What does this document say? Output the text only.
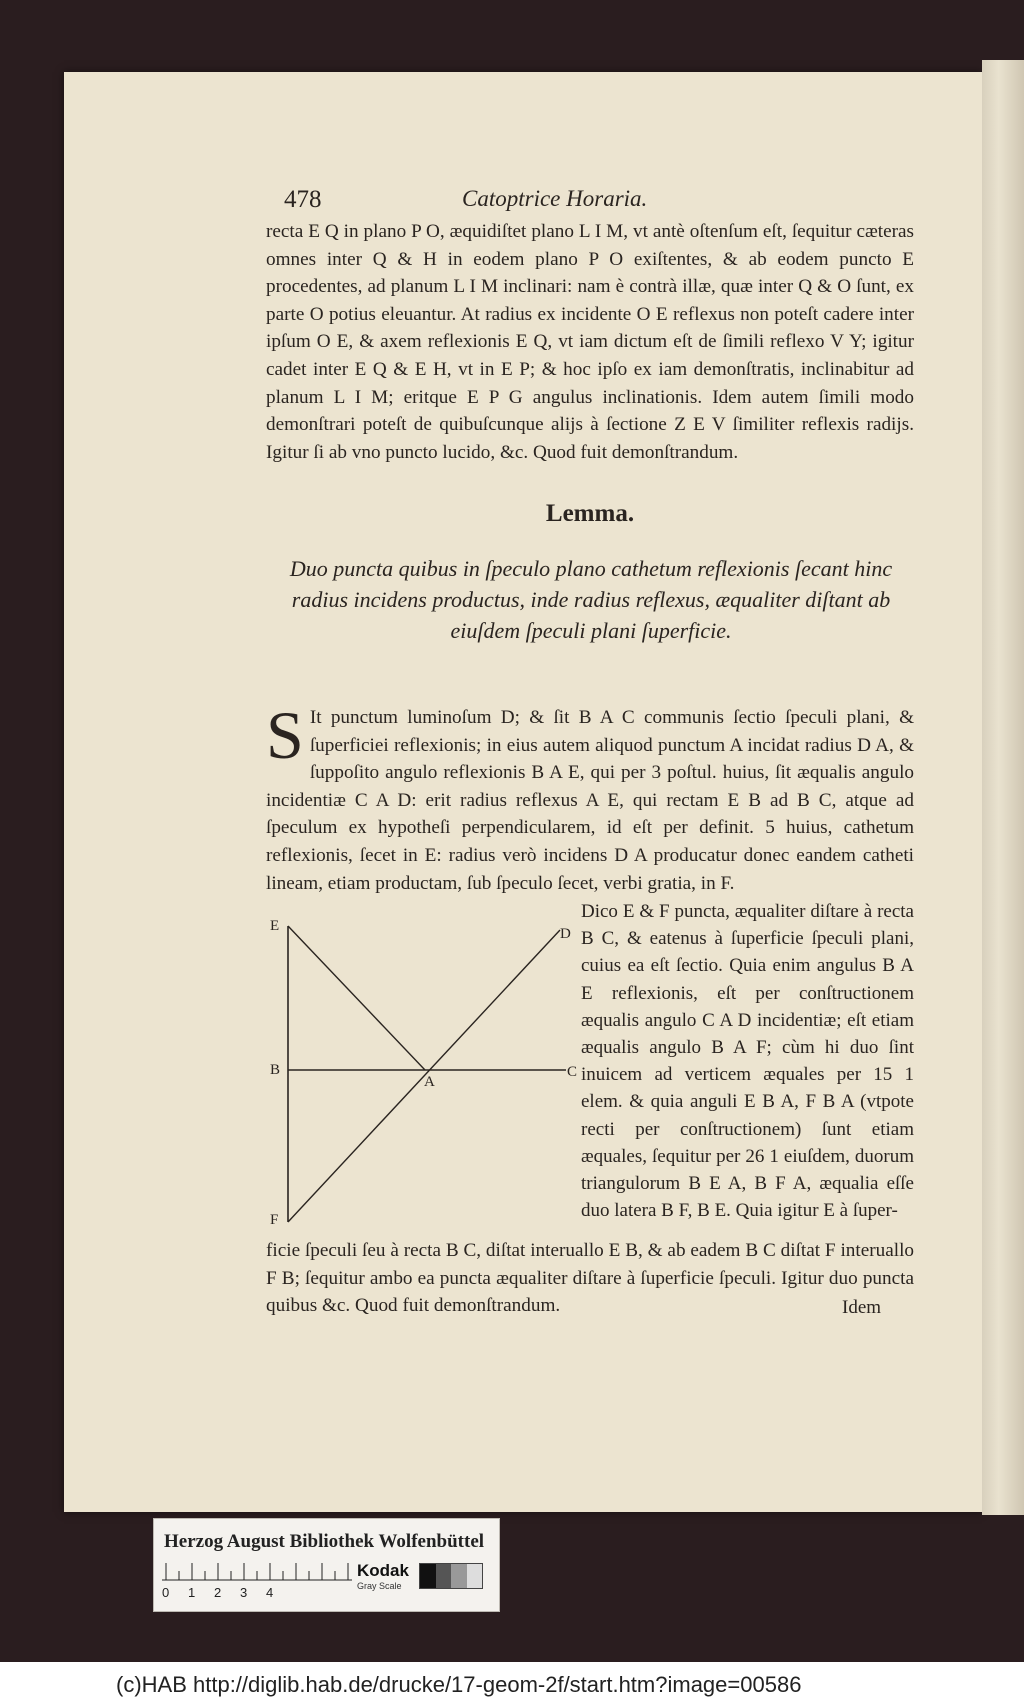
478	Catoptrice Horaria.

recta E Q in plano P O, æquidiſtet plano L I M, vt antè oſtenſum eſt, ſequitur cæteras omnes inter Q & H in eodem plano P O exiſtentes, & ab eodem puncto E procedentes, ad planum L I M inclinari: nam è contrà illæ, quæ inter Q & O ſunt, ex parte O potius eleuantur. At radius ex incidente O E reflexus non poteſt cadere inter ipſum O E, & axem reflexionis E Q, vt iam dictum eſt de ſimili reflexo V Y; igitur cadet inter E Q & E H, vt in E P; & hoc ipſo ex iam demonſtratis, inclinabitur ad planum L I M; eritque E P G angulus inclinationis. Idem autem ſimili modo demonſtrari poteſt de quibuſcunque alijs à ſectione Z E V ſimiliter reflexis radijs. Igitur ſi ab vno puncto lucido, &c. Quod fuit demonſtrandum.

Lemma.
Duo puncta quibus in ſpeculo plano cathetum reflexionis ſecant hinc radius incidens productus, inde radius reflexus, æqualiter diſtant ab eiuſdem ſpeculi plani ſuperficie.

S It punctum luminoſum D; & ſit B A C communis ſectio ſpeculi plani, & ſuperficiei reflexionis; in eius autem aliquod punctum A incidat radius D A, & ſuppoſito angulo reflexionis B A E, qui per 3 poſtul. huius, ſit æqualis angulo incidentiæ C A D: erit radius reflexus A E, qui rectam E B ad B C, atque ad ſpeculum ex hypotheſi perpendicularem, id eſt per definit. 5 huius, cathetum reflexionis, ſecet in E: radius verò incidens D A producatur donec eandem catheti lineam, etiam productam, ſub ſpeculo ſecet, verbi gratia, in F.

E	D
B
A
C
F
Dico E & F puncta, æqualiter diſtare à recta B C, & eatenus à ſuperficie ſpeculi plani, cuius ea eſt ſectio. Quia enim angulus B A E reflexionis, eſt per conſtructionem æqualis angulo C A D incidentiæ; eſt etiam æqualis angulo B A F; cùm hi duo ſint inuicem ad verticem æquales per 15 1 elem. & quia anguli E B A, F B A (vtpote recti per conſtructionem) ſunt etiam æquales, ſequitur per 26 1 eiuſdem, duorum triangulorum B E A, B F A, æqualia eſſe duo latera B F, B E. Quia igitur E à ſuper-

ficie ſpeculi ſeu à recta B C, diſtat interuallo E B, & ab eadem B C diſtat F interuallo F B; ſequitur ambo ea puncta æqualiter diſtare à ſuperficie ſpeculi. Igitur duo puncta quibus &c. Quod fuit demonſtrandum.	Idem
Herzog August Bibliothek Wolfenbüttel
0 1 2 3 4
Kodak
Gray Scale
(c)HAB http://diglib.hab.de/drucke/17-geom-2f/start.htm?image=00586
